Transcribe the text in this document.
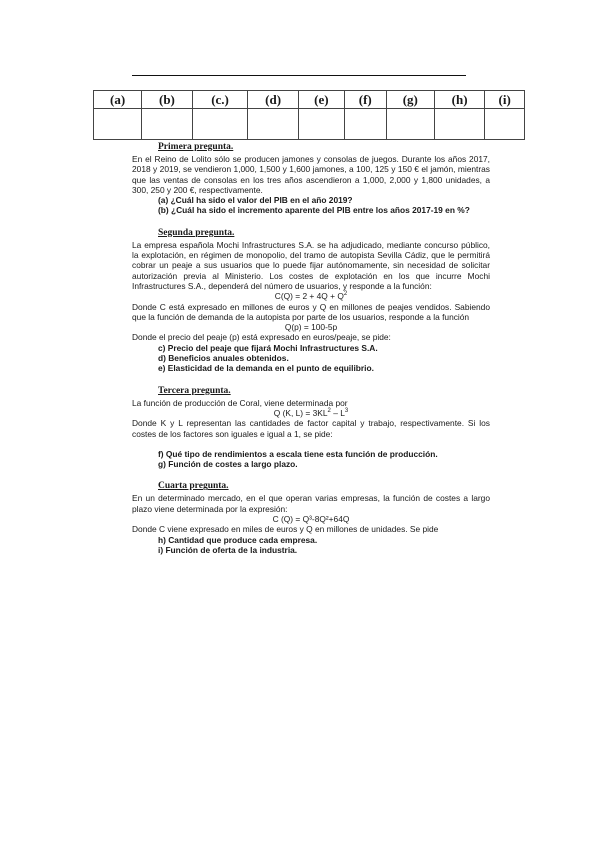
(a)	(b)	(c.)	(d)	(e)	(f)	(g)	(h)	(i)

Primera pregunta.

En el Reino de Lolito sólo se producen jamones y consolas de juegos. Durante los años 2017, 2018 y 2019, se vendieron 1,000, 1,500 y 1,600 jamones, a 100, 125 y 150 € el jamón, mientras que las ventas de consolas en los tres años ascendieron a 1,000, 2,000 y 1,800 unidades, a 300, 250 y 200 €, respectivamente.

(a) ¿Cuál ha sido el valor del PIB en el año 2019?

(b) ¿Cuál ha sido el incremento aparente del PIB entre los años 2017-19 en %?

Segunda pregunta.

La empresa española Mochi Infrastructures S.A. se ha adjudicado, mediante concurso público, la explotación, en régimen de monopolio, del tramo de autopista Sevilla Cádiz, que le permitirá cobrar un peaje a sus usuarios que lo puede fijar autónomamente, sin necesidad de solicitar autorización previa al Ministerio. Los costes de explotación en los que incurre Mochi Infrastructures S.A., dependerá del número de usuarios, y responde a la función:

$C(Q) = 2 + 4Q + Q^2$

Donde C está expresado en millones de euros y Q en millones de peajes vendidos. Sabiendo que la función de demanda de la autopista por parte de los usuarios, responde a la función

Q(p) = 100-5p

Donde el precio del peaje (p) está expresado en euros/peaje, se pide:

c) Precio del peaje que fijará Mochi Infrastructures S.A.

d) Beneficios anuales obtenidos.

e) Elasticidad de la demanda en el punto de equilibrio.

Tercera pregunta.

La función de producción de Coral, viene determinada por

Q (K, $L) = 3KL^2 - L^3$

Donde K y L representan las cantidades de factor capital y trabajo, respectivamente. Si los costes de los factores son iguales e igual a 1, se pide:

f) Qué tipo de rendimientos a escala tiene esta función de producción.

g) Función de costes a largo plazo.

Cuarta pregunta.

En un determinado mercado, en el que operan varias empresas, la función de costes a largo plazo viene determinada por la expresión:

C (Q) = Q³-8Q²+64Q

Donde C viene expresado en miles de euros y Q en millones de unidades. Se pide

h) Cantidad que produce cada empresa.

i) Función de oferta de la industria.
